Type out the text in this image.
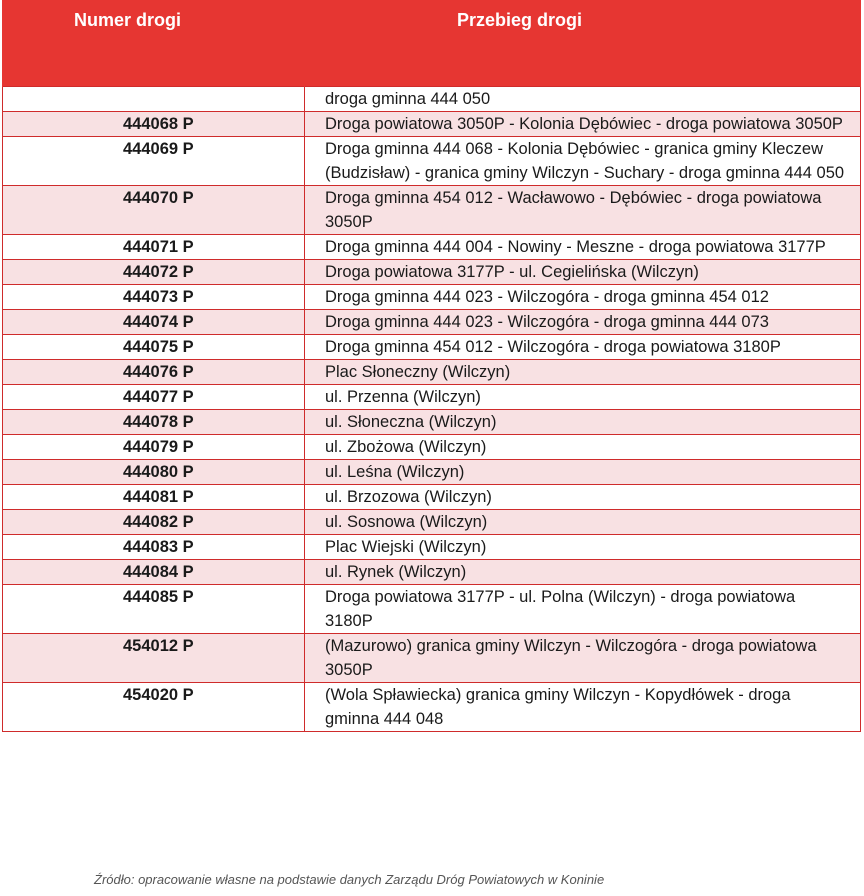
Numer drogi	Przebieg drogi
	droga gminna 444 050
444068 P	Droga powiatowa 3050P - Kolonia Dębówiec - droga powiatowa 3050P
444069 P	Droga gminna 444 068 - Kolonia Dębówiec - granica gminy Kleczew (Budzisław) - granica gminy Wilczyn - Suchary - droga gminna 444 050
444070 P	Droga gminna 454 012 - Wacławowo - Dębówiec - droga powiatowa 3050P
444071 P	Droga gminna 444 004 - Nowiny - Meszne - droga powiatowa 3177P
444072 P	Droga powiatowa 3177P - ul. Cegielińska (Wilczyn)
444073 P	Droga gminna 444 023 - Wilczogóra - droga gminna 454 012
444074 P	Droga gminna 444 023 - Wilczogóra - droga gminna 444 073
444075 P	Droga gminna 454 012 - Wilczogóra - droga powiatowa 3180P
444076 P	Plac Słoneczny (Wilczyn)
444077 P	ul. Przenna (Wilczyn)
444078 P	ul. Słoneczna (Wilczyn)
444079 P	ul. Zbożowa (Wilczyn)
444080 P	ul. Leśna (Wilczyn)
444081 P	ul. Brzozowa (Wilczyn)
444082 P	ul. Sosnowa (Wilczyn)
444083 P	Plac Wiejski (Wilczyn)
444084 P	ul. Rynek (Wilczyn)
444085 P	Droga powiatowa 3177P - ul. Polna (Wilczyn) - droga powiatowa 3180P
454012 P	(Mazurowo) granica gminy Wilczyn - Wilczogóra - droga powiatowa 3050P
454020 P	(Wola Spławiecka) granica gminy Wilczyn - Kopydłówek - droga gminna 444 048
Źródło: opracowanie własne na podstawie danych Zarządu Dróg Powiatowych w Koninie
